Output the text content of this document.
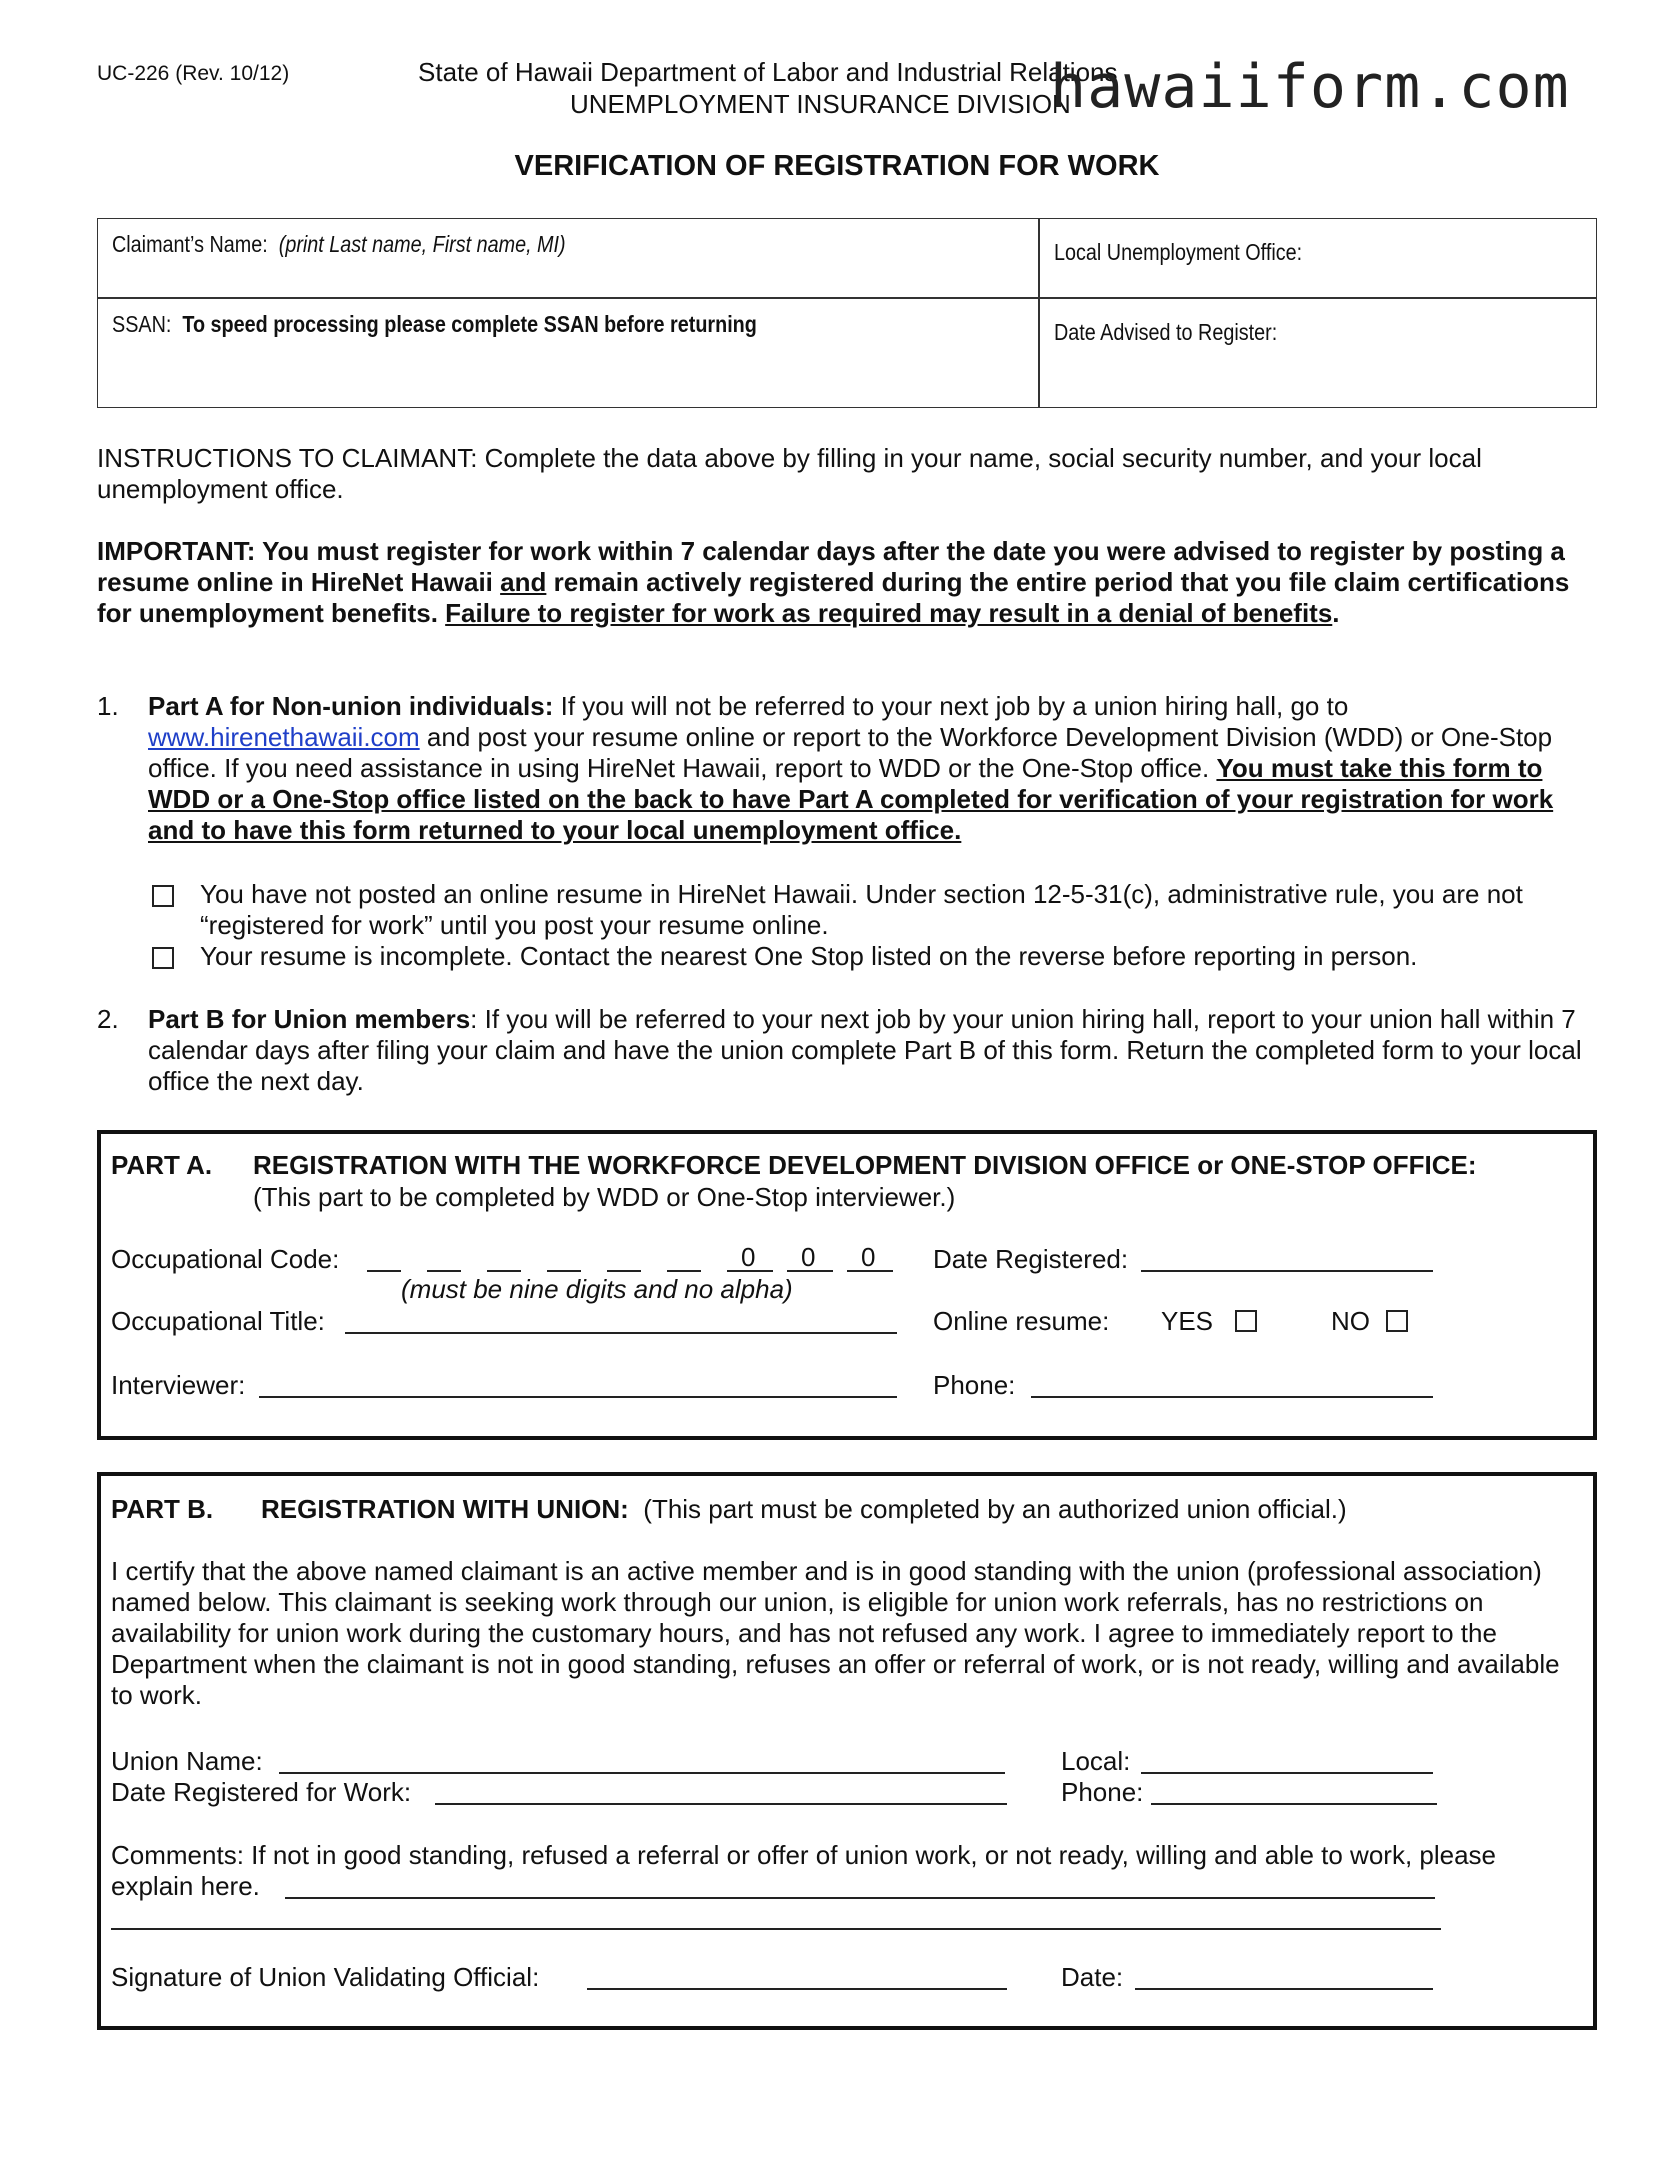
UC-226 (Rev. 10/12)	State of Hawaii Department of Labor and Industrial Relations
UNEMPLOYMENT INSURANCE DIVISION
hawaiiform.com
VERIFICATION OF REGISTRATION FOR WORK
Claimant’s Name: (print Last name, First name, MI)	Local Unemployment Office:
SSAN: To speed processing please complete SSAN before returning	Date Advised to Register:
INSTRUCTIONS TO CLAIMANT: Complete the data above by filling in your name, social security number, and your local unemployment office.
IMPORTANT: You must register for work within 7 calendar days after the date you were advised to register by posting a resume online in HireNet Hawaii and remain actively registered during the entire period that you file claim certifications for unemployment benefits. Failure to register for work as required may result in a denial of benefits.
1. Part A for Non-union individuals: If you will not be referred to your next job by a union hiring hall, go to www.hirenethawaii.com and post your resume online or report to the Workforce Development Division (WDD) or One-Stop office. If you need assistance in using HireNet Hawaii, report to WDD or the One-Stop office. You must take this form to WDD or a One-Stop office listed on the back to have Part A completed for verification of your registration for work and to have this form returned to your local unemployment office.
You have not posted an online resume in HireNet Hawaii. Under section 12-5-31(c), administrative rule, you are not “registered for work” until you post your resume online.
Your resume is incomplete. Contact the nearest One Stop listed on the reverse before reporting in person.
2. Part B for Union members: If you will be referred to your next job by your union hiring hall, report to your union hall within 7 calendar days after filing your claim and have the union complete Part B of this form. Return the completed form to your local office the next day.
PART A. REGISTRATION WITH THE WORKFORCE DEVELOPMENT DIVISION OFFICE or ONE-STOP OFFICE:
(This part to be completed by WDD or One-Stop interviewer.)
Occupational Code:	0 0 0
(must be nine digits and no alpha)
Date Registered:
Occupational Title:	Online resume: YES	NO
Interviewer:	Phone:
PART B. REGISTRATION WITH UNION: (This part must be completed by an authorized union official.)
I certify that the above named claimant is an active member and is in good standing with the union (professional association) named below. This claimant is seeking work through our union, is eligible for union work referrals, has no restrictions on availability for union work during the customary hours, and has not refused any work. I agree to immediately report to the Department when the claimant is not in good standing, refuses an offer or referral of work, or is not ready, willing and available to work.
Union Name:	Local:
Date Registered for Work:	Phone:
Comments: If not in good standing, refused a referral or offer of union work, or not ready, willing and able to work, please
explain here.
Signature of Union Validating Official:	Date:
